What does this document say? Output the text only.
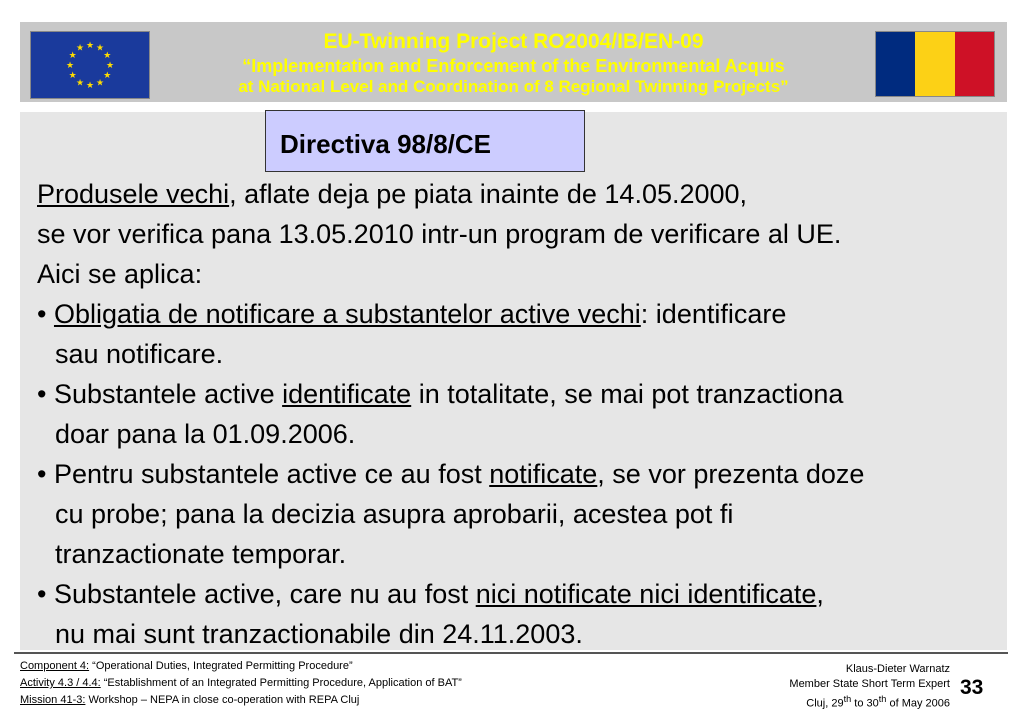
★ ★
★
★
★
★
★
★
★
★
★
★	EU-Twinning Project RO2004/IB/EN-09
“Implementation and Enforcement of the Environmental Acquis
at National Level and Coordination of 8 Regional Twinning Projects”
Directiva 98/8/CE

Produsele vechi, aflate deja pe piata inainte de 14.05.2000,

se vor verifica pana 13.05.2010 intr-un program de verificare al UE.

Aici se aplica:

• Obligatia de notificare a substantelor active vechi: identificare

sau notificare.

• Substantele active identificate in totalitate, se mai pot tranzactiona

doar pana la 01.09.2006.

• Pentru substantele active ce au fost notificate, se vor prezenta doze

cu probe; pana la decizia asupra aprobarii, acestea pot fi

tranzactionate temporar.

• Substantele active, care nu au fost nici notificate nici identificate,

nu mai sunt tranzactionabile din 24.11.2003.

Component 4: “Operational Duties, Integrated Permitting Procedure”

Activity 4.3 / 4.4: “Establishment of an Integrated Permitting Procedure, Application of BAT”

Mission 41-3: Workshop – NEPA in close co-operation with REPA Cluj

Klaus-Dieter Warnatz

Member State Short Term Expert

Cluj, 29th to 30th of May 2006

33
